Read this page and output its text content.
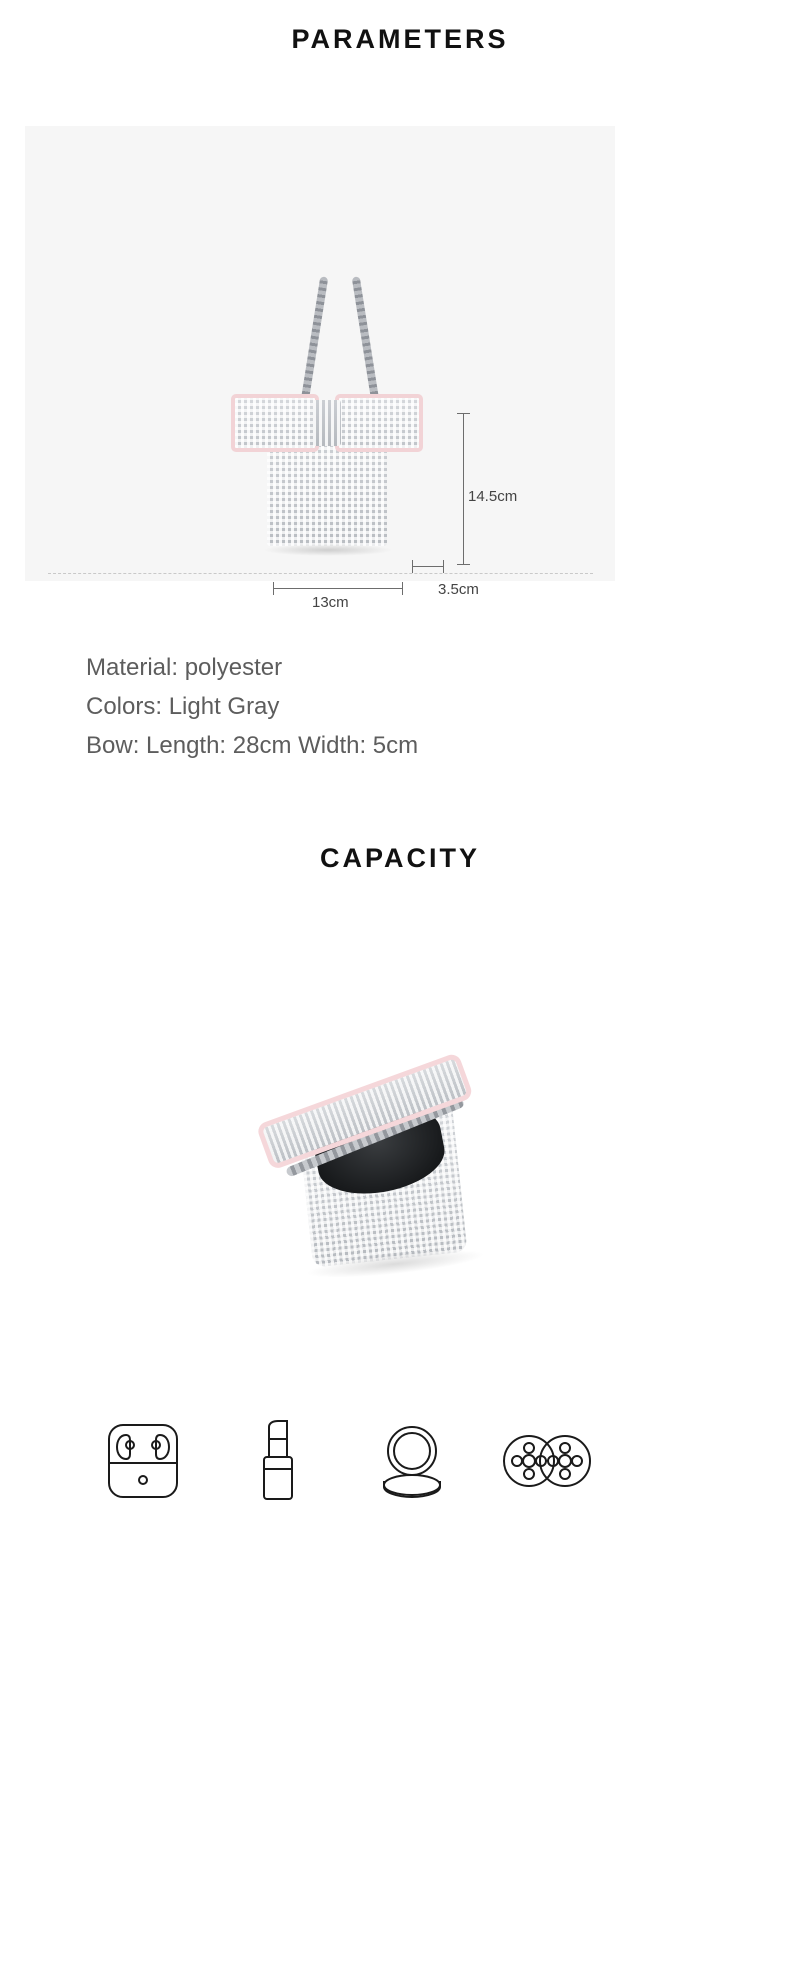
PARAMETERS
14.5cm
13cm
3.5cm
Material: polyester
Colors: Light Gray
Bow: Length: 28cm Width: 5cm
CAPACITY
